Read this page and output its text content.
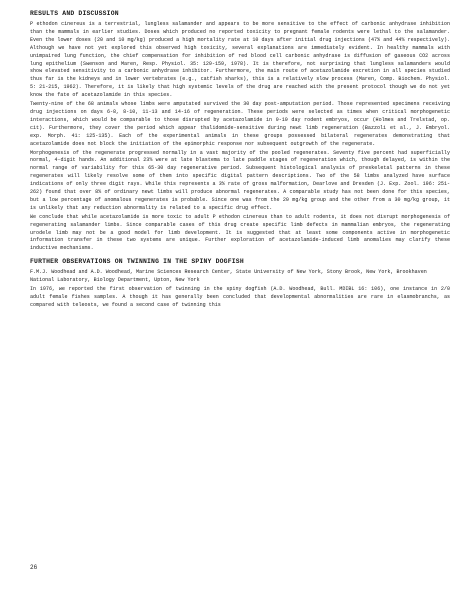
RESULTS AND DISCUSSION

P ethodon cinereus is a terrestrial, lungless salamander and appears to be more sensitive to the effect of carbonic anhydrase inhibition than the mammals in earlier studies. Doses which produced no reported toxicity to pregnant female rodents were lethal to the salamander. Even the lower doses (20 and 10 mg/kg) produced a high mortality rate at 10 days after initial drug injections (47% and 44% respectively). Although we have not yet explored this observed high toxicity, several explanations are immediately evident. In healthy mammals with unimpaired lung function, the chief compensation for inhibition of red blood cell carbonic anhydrase is diffusion of gaseous CO2 across lung epithelium (Swenson and Maren, Resp. Physiol. 35: 129-159, 1978). It is therefore, not surprising that lungless salamanders would show elevated sensitivity to a carbonic anhydrase inhibitor. Furthermore, the main route of acetazolamide excretion in all species studied thus far is the kidneys and in lower vertebrates (e.g., catfish sharks), this is a relatively slow process (Maren, Comp. Biochem. Physiol. 5: 21-215, 1962). Therefore, it is likely that high systemic levels of the drug are reached with the present protocol though we do not yet know the fate of acetazolamide in this species.

Twenty-nine of the 68 animals whose limbs were amputated survived the 30 day post-amputation period. Those represented specimens receiving drug injections on days 6-8, 8-10, 11-13 and 14-16 of regeneration. These periods were selected as times when critical morphogenetic interactions, which would be comparable to those disrupted by acetazolamide in 9-10 day rodent embryos, occur (Holmes and Trelstad, op. cit). Furthermore, they cover the period which appear thalidomide-sensitive during newt limb regeneration (Bazzoli et al., J. Embryol. exp. Morph. 41: 125-135). Each of the experimental animals in these groups possessed bilateral regenerates demonstrating that acetazolamide does not block the initiation of the epimorphic response nor subsequent outgrowth of the regenerate.

Morphogenesis of the regenerate progressed normally in a vast majority of the pooled regenerates. Seventy five percent had superficially normal, 4-digit hands. An additional 23% were at late blastema to late paddle stages of regeneration which, though delayed, is within the normal range of variability for this 65-30 day regenerative period. Subsequent histological analysis of preskeletal patterns in these regenerates will likely resolve some of them into specific digital pattern descriptions. Two of the 58 limbs analyzed have surface indications of only three digit rays. While this represents a 3% rate of gross malformation, Dearlove and Dresden (J. Exp. Zool. 196: 251-262) found that over 8% of ordinary newt limbs will produce abnormal regenerates. A comparable study has not been done for this species, but a low percentage of anomalous regenerates is probable. Since one was from the 20 mg/kg group and the other from a 30 mg/kg group, it is unlikely that any reduction abnormality is related to a specific drug effect.

We conclude that while acetazolamide is more toxic to adult P ethodon cinereus than to adult rodents, it does not disrupt morphogenesis of regenerating salamander limbs. Since comparable cases of this drug create specific limb defects in mammalian embryos, the regenerating urodele limb may not be a good model for limb development. It is suggested that at least some components active in morphogenetic information transfer in these two systems are unique. Further exploration of acetazolamide-induced limb anomalies may clarify these inductive mechanisms.

FURTHER OBSERVATIONS ON TWINNING IN THE SPINY DOGFISH

F.M.J. Woodhead and A.D. Woodhead, Marine Sciences Research Center, State University of New York, Stony Brook, New York, Brookhaven National Laboratory, Biology Department, Upton, New York

In 1976, we reported the first observation of twinning in the spiny dogfish (A.D. Woodhead, Bull. MDIBL 16: 106), one instance in 2/0 adult female fishes samples. A though it has generally been concluded that developmental abnormalities are rare in elasmobranchs, as compared with teleosts, we found a second case of twinning this

26
